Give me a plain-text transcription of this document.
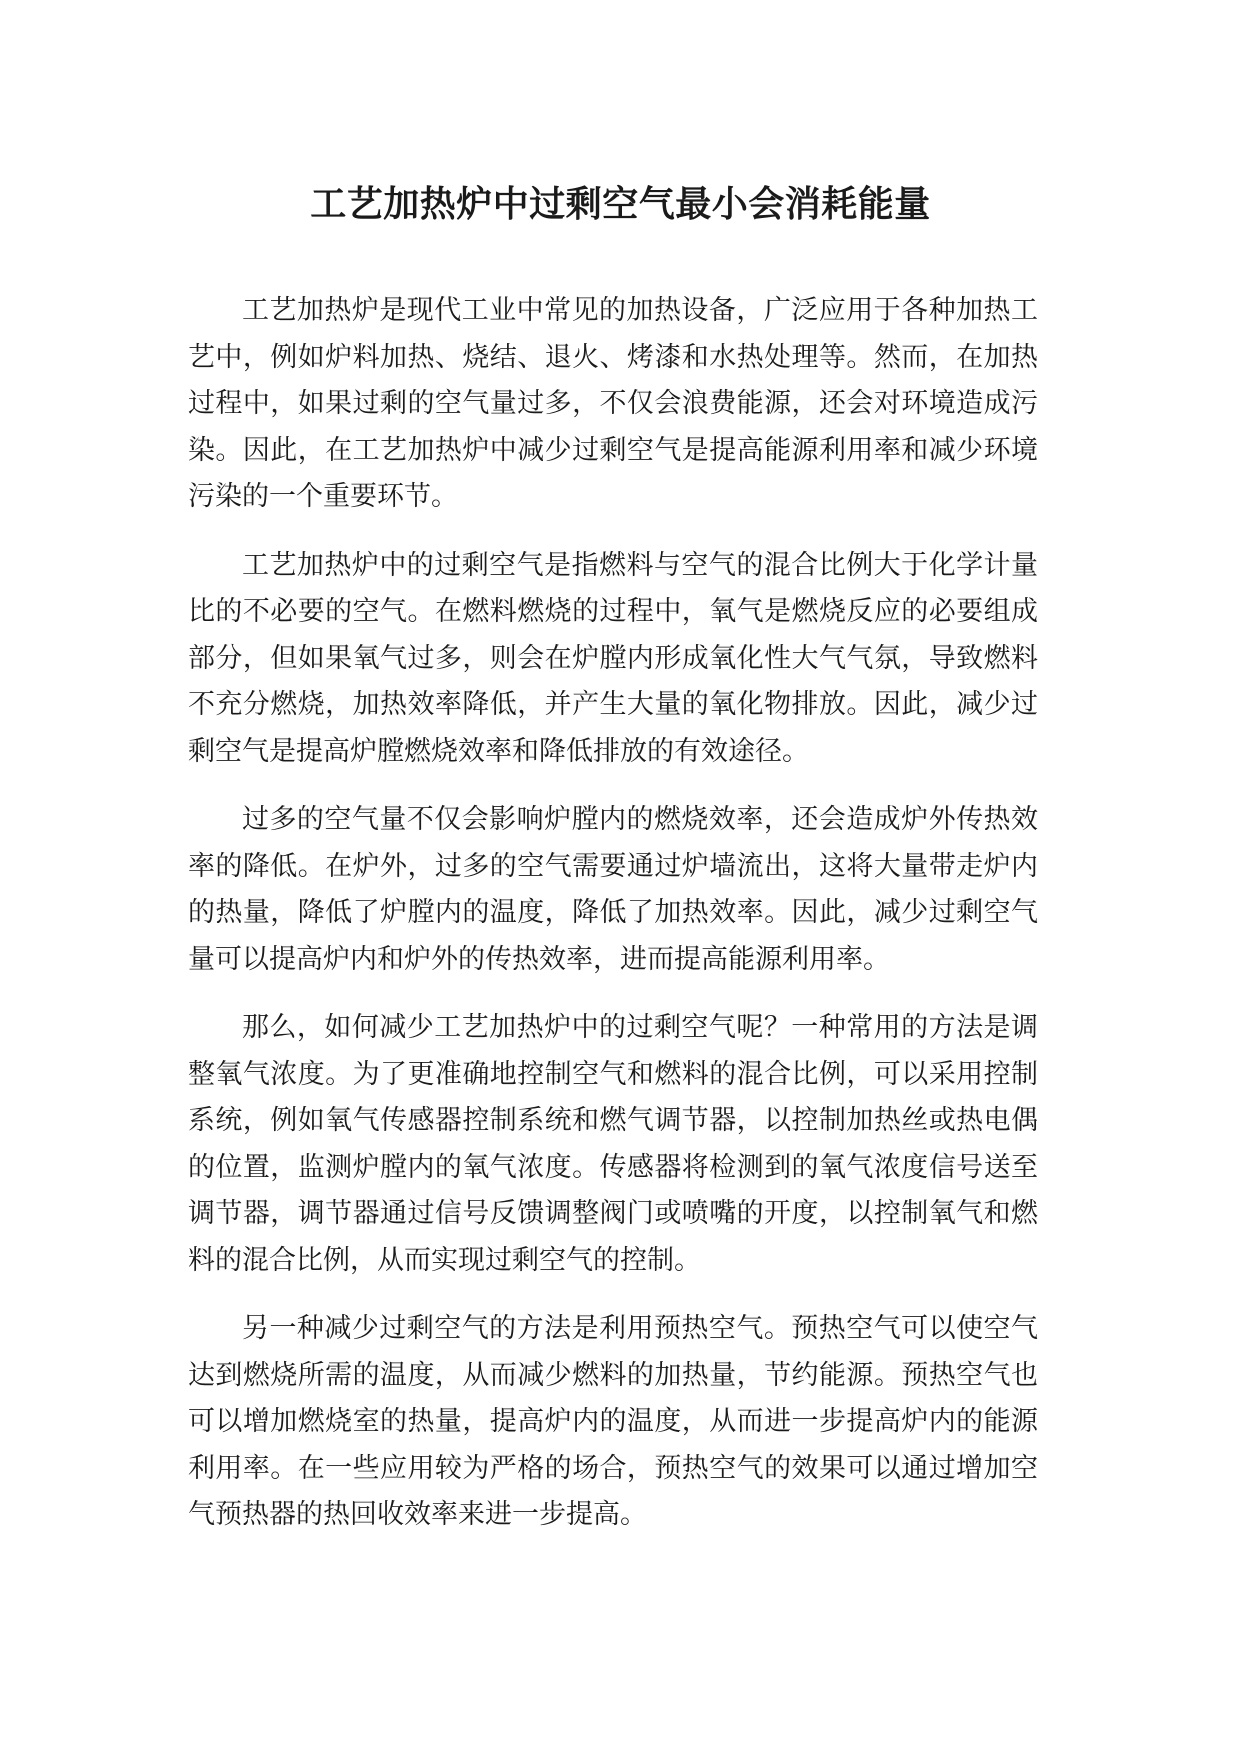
工艺加热炉中过剩空气最小会消耗能量

工艺加热炉是现代工业中常见的加热设备，广泛应用于各种加热工艺中，例如炉料加热、烧结、退火、烤漆和水热处理等。然而，在加热过程中，如果过剩的空气量过多，不仅会浪费能源，还会对环境造成污染。因此，在工艺加热炉中减少过剩空气是提高能源利用率和减少环境污染的一个重要环节。

工艺加热炉中的过剩空气是指燃料与空气的混合比例大于化学计量比的不必要的空气。在燃料燃烧的过程中，氧气是燃烧反应的必要组成部分，但如果氧气过多，则会在炉膛内形成氧化性大气气氛，导致燃料不充分燃烧，加热效率降低，并产生大量的氧化物排放。因此，减少过剩空气是提高炉膛燃烧效率和降低排放的有效途径。

过多的空气量不仅会影响炉膛内的燃烧效率，还会造成炉外传热效率的降低。在炉外，过多的空气需要通过炉墙流出，这将大量带走炉内的热量，降低了炉膛内的温度，降低了加热效率。因此，减少过剩空气量可以提高炉内和炉外的传热效率，进而提高能源利用率。

那么，如何减少工艺加热炉中的过剩空气呢？一种常用的方法是调整氧气浓度。为了更准确地控制空气和燃料的混合比例，可以采用控制系统，例如氧气传感器控制系统和燃气调节器，以控制加热丝或热电偶的位置，监测炉膛内的氧气浓度。传感器将检测到的氧气浓度信号送至调节器，调节器通过信号反馈调整阀门或喷嘴的开度，以控制氧气和燃料的混合比例，从而实现过剩空气的控制。

另一种减少过剩空气的方法是利用预热空气。预热空气可以使空气达到燃烧所需的温度，从而减少燃料的加热量，节约能源。预热空气也可以增加燃烧室的热量，提高炉内的温度，从而进一步提高炉内的能源利用率。在一些应用较为严格的场合，预热空气的效果可以通过增加空气预热器的热回收效率来进一步提高。
